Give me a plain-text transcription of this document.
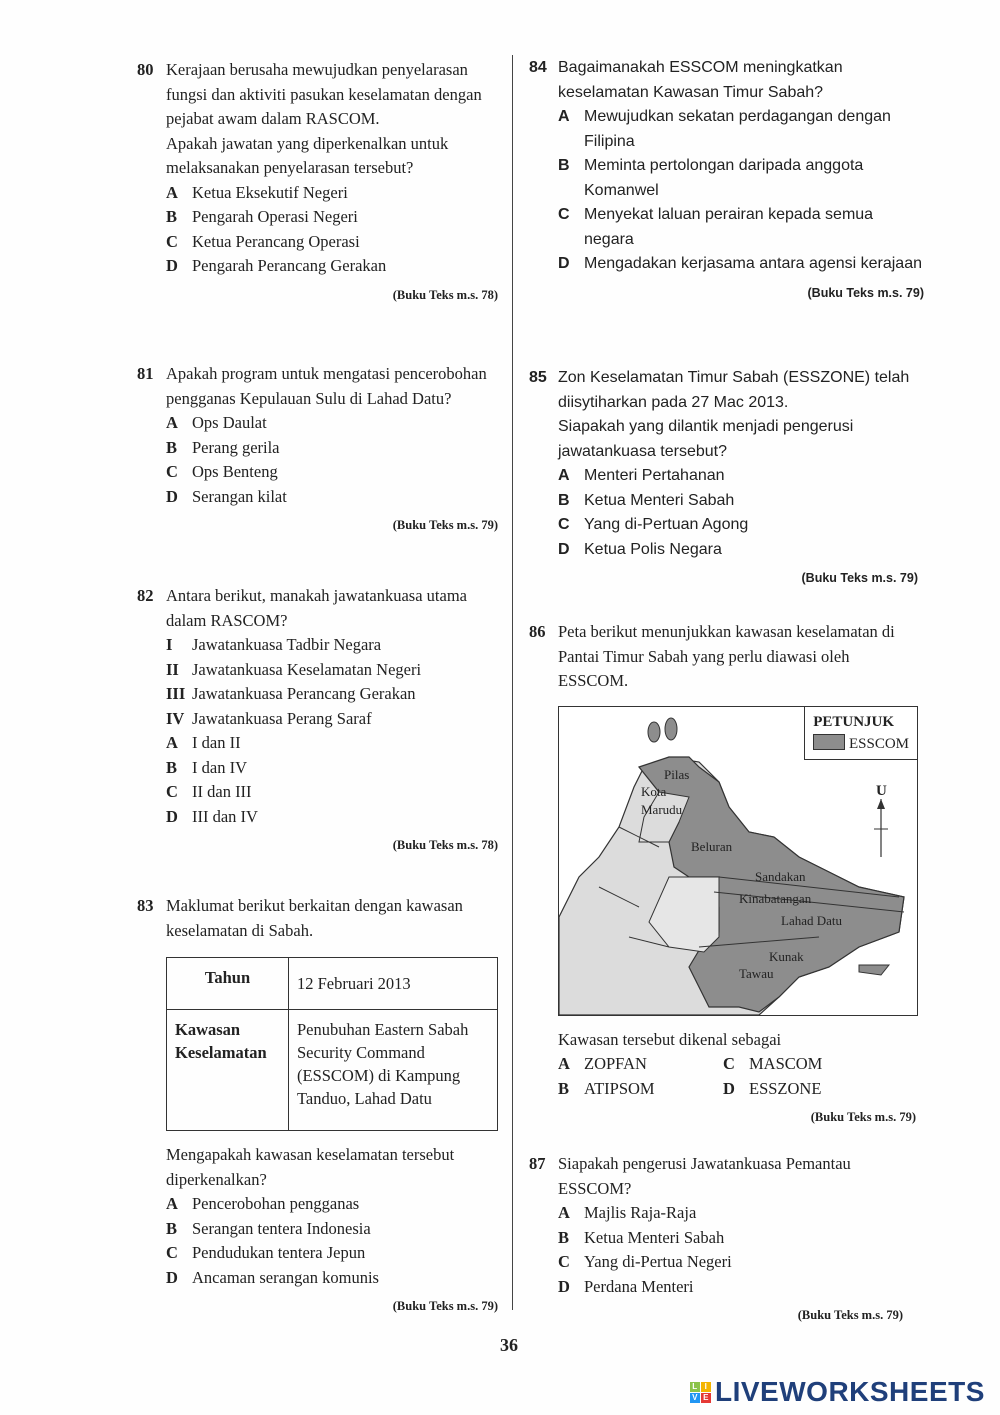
80 Kerajaan berusaha mewujudkan penyelarasan fungsi dan aktiviti pasukan keselamatan dengan pejabat awam dalam RASCOM.

Apakah jawatan yang diperkenalkan untuk melaksanakan penyelarasan tersebut?

A Ketua Eksekutif Negeri
B Pengarah Operasi Negeri
C Ketua Perancang Operasi
D Pengarah Perancang Gerakan
(Buku Teks m.s. 78)
81 Apakah program untuk mengatasi pencerobohan pengganas Kepulauan Sulu di Lahad Datu?

A Ops Daulat
B Perang gerila
C Ops Benteng
D Serangan kilat
(Buku Teks m.s. 79)
82 Antara berikut, manakah jawatankuasa utama dalam RASCOM?

I	Jawatankuasa Tadbir Negara
II Jawatankuasa Keselamatan Negeri
III Jawatankuasa Perancang Gerakan
IV Jawatankuasa Perang Saraf
A I dan II
B I dan IV
C II dan III
D III dan IV
(Buku Teks m.s. 78)
83 Maklumat berikut berkaitan dengan kawasan keselamatan di Sabah.

Tahun	12 Februari 2013
Kawasan Keselamatan	Penubuhan Eastern Sabah Security Command (ESSCOM) di Kampung Tanduo, Lahad Datu

Mengapakah kawasan keselamatan tersebut diperkenalkan?

A Pencerobohan pengganas
B Serangan tentera Indonesia
C Pendudukan tentera Jepun
D Ancaman serangan komunis
(Buku Teks m.s. 79)
84 Bagaimanakah ESSCOM meningkatkan keselamatan Kawasan Timur Sabah?

A Mewujudkan sekatan perdagangan dengan Filipina
B Meminta pertolongan daripada anggota Komanwel
C Menyekat laluan perairan kepada semua negara
D Mengadakan kerjasama antara agensi kerajaan
(Buku Teks m.s. 79)
85 Zon Keselamatan Timur Sabah (ESSZONE) telah diisytiharkan pada 27 Mac 2013.

Siapakah yang dilantik menjadi pengerusi jawatankuasa tersebut?

A Menteri Pertahanan
B Ketua Menteri Sabah
C Yang di-Pertuan Agong
D Ketua Polis Negara
(Buku Teks m.s. 79)
86 Peta berikut menunjukkan kawasan keselamatan di Pantai Timur Sabah yang perlu diawasi oleh ESSCOM.

PETUNJUK
ESSCOM
U
Pilas
Kota Marudu
Beluran
Sandakan
Kinabatangan
Lahad Datu
Kunak
Tawau

Kawasan tersebut dikenal sebagai

A ZOPFAN	C MASCOM
B ATIPSOM	D ESSZONE
(Buku Teks m.s. 79)
87 Siapakah pengerusi Jawatankuasa Pemantau ESSCOM?

A Majlis Raja-Raja
B Ketua Menteri Sabah
C Yang di-Pertua Negeri
D Perdana Menteri
(Buku Teks m.s. 79)
36
L I
V E LIVEWORKSHEETS
